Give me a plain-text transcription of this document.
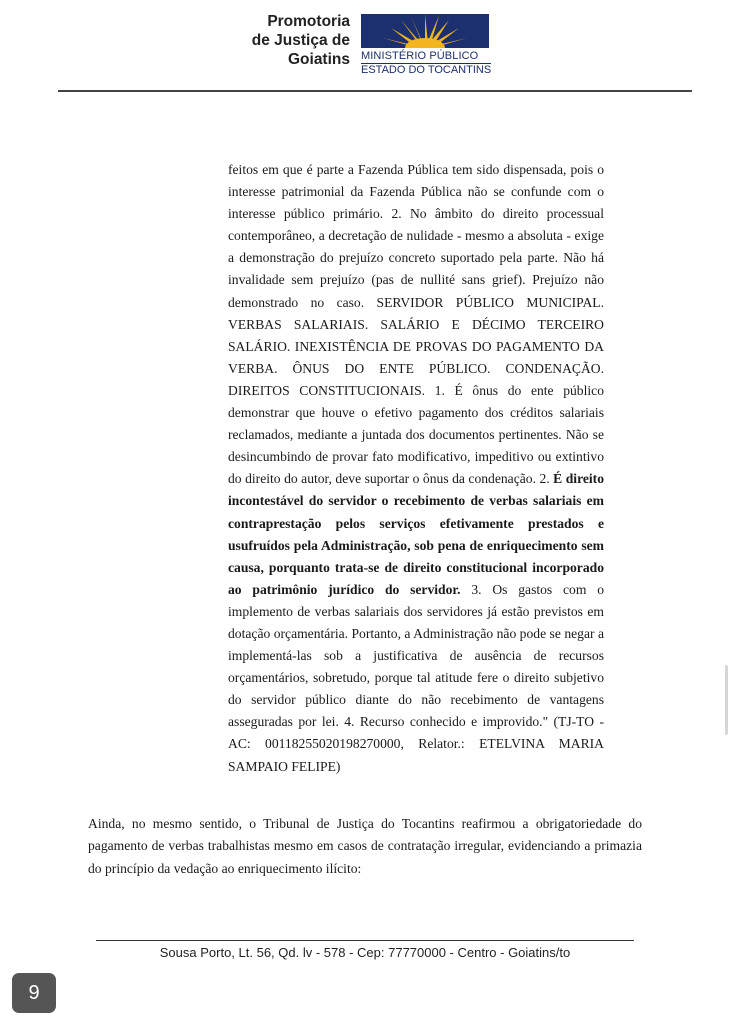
Promotoria
de Justiça de
Goiatins MINISTÉRIO PÚBLICO
ESTADO DO TOCANTINS

feitos em que é parte a Fazenda Pública tem sido dispensada, pois o interesse patrimonial da Fazenda Pública não se confunde com o interesse público primário. 2. No âmbito do direito processual contemporâneo, a decretação de nulidade - mesmo a absoluta - exige a demonstração do prejuízo concreto suportado pela parte. Não há invalidade sem prejuízo (pas de nullité sans grief). Prejuízo não demonstrado no caso. SERVIDOR PÚBLICO MUNICIPAL. VERBAS SALARIAIS. SALÁRIO E DÉCIMO TERCEIRO SALÁRIO. INEXISTÊNCIA DE PROVAS DO PAGAMENTO DA VERBA. ÔNUS DO ENTE PÚBLICO. CONDENAÇÃO. DIREITOS CONSTITUCIONAIS. 1. É ônus do ente público demonstrar que houve o efetivo pagamento dos créditos salariais reclamados, mediante a juntada dos documentos pertinentes. Não se desincumbindo de provar fato modificativo, impeditivo ou extintivo do direito do autor, deve suportar o ônus da condenação. 2. É direito incontestável do servidor o recebimento de verbas salariais em contraprestação pelos serviços efetivamente prestados e usufruídos pela Administração, sob pena de enriquecimento sem causa, porquanto trata-se de direito constitucional incorporado ao patrimônio jurídico do servidor. 3. Os gastos com o implemento de verbas salariais dos servidores já estão previstos em dotação orçamentária. Portanto, a Administração não pode se negar a implementá-las sob a justificativa de ausência de recursos orçamentários, sobretudo, porque tal atitude fere o direito subjetivo do servidor público diante do não recebimento de vantagens asseguradas por lei. 4. Recurso conhecido e improvido." (TJ-TO - AC: 00118255020198270000, Relator.: ETELVINA MARIA SAMPAIO FELIPE)

Ainda, no mesmo sentido, o Tribunal de Justiça do Tocantins reafirmou a obrigatoriedade do pagamento de verbas trabalhistas mesmo em casos de contratação irregular, evidenciando a primazia do princípio da vedação ao enriquecimento ilícito:

Sousa Porto, Lt. 56, Qd. lv - 578 - Cep: 77770000 - Centro - Goiatins/to
9
